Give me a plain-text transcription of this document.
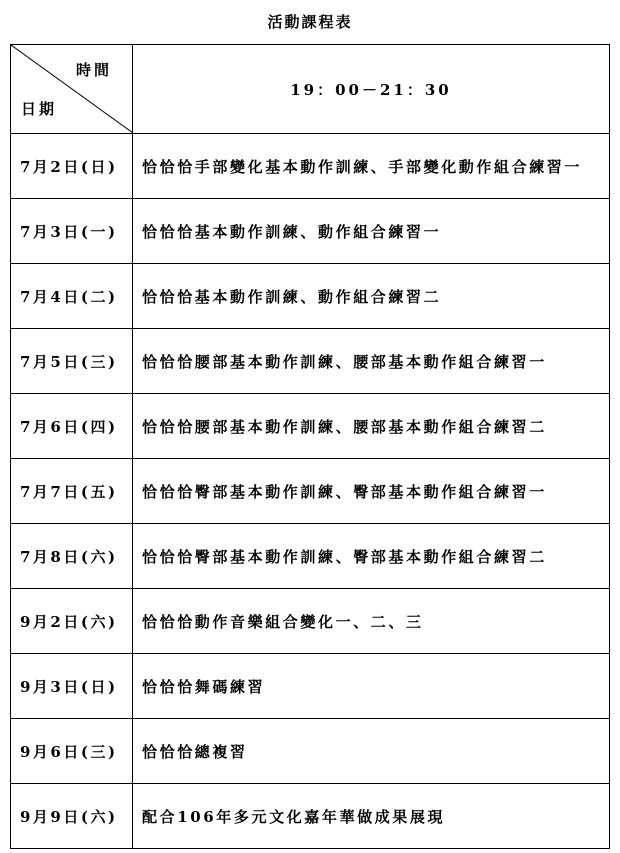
活動課程表
時間
日期	19：00－21：30
7月2日(日)	恰恰恰手部變化基本動作訓練、手部變化動作組合練習一
7月3日(一)	恰恰恰基本動作訓練、動作組合練習一
7月4日(二)	恰恰恰基本動作訓練、動作組合練習二
7月5日(三)	恰恰恰腰部基本動作訓練、腰部基本動作組合練習一
7月6日(四)	恰恰恰腰部基本動作訓練、腰部基本動作組合練習二
7月7日(五)	恰恰恰臀部基本動作訓練、臀部基本動作組合練習一
7月8日(六)	恰恰恰臀部基本動作訓練、臀部基本動作組合練習二
9月2日(六)	恰恰恰動作音樂組合變化一、二、三
9月3日(日)	恰恰恰舞碼練習
9月6日(三)	恰恰恰總複習
9月9日(六)	配合106年多元文化嘉年華做成果展現
